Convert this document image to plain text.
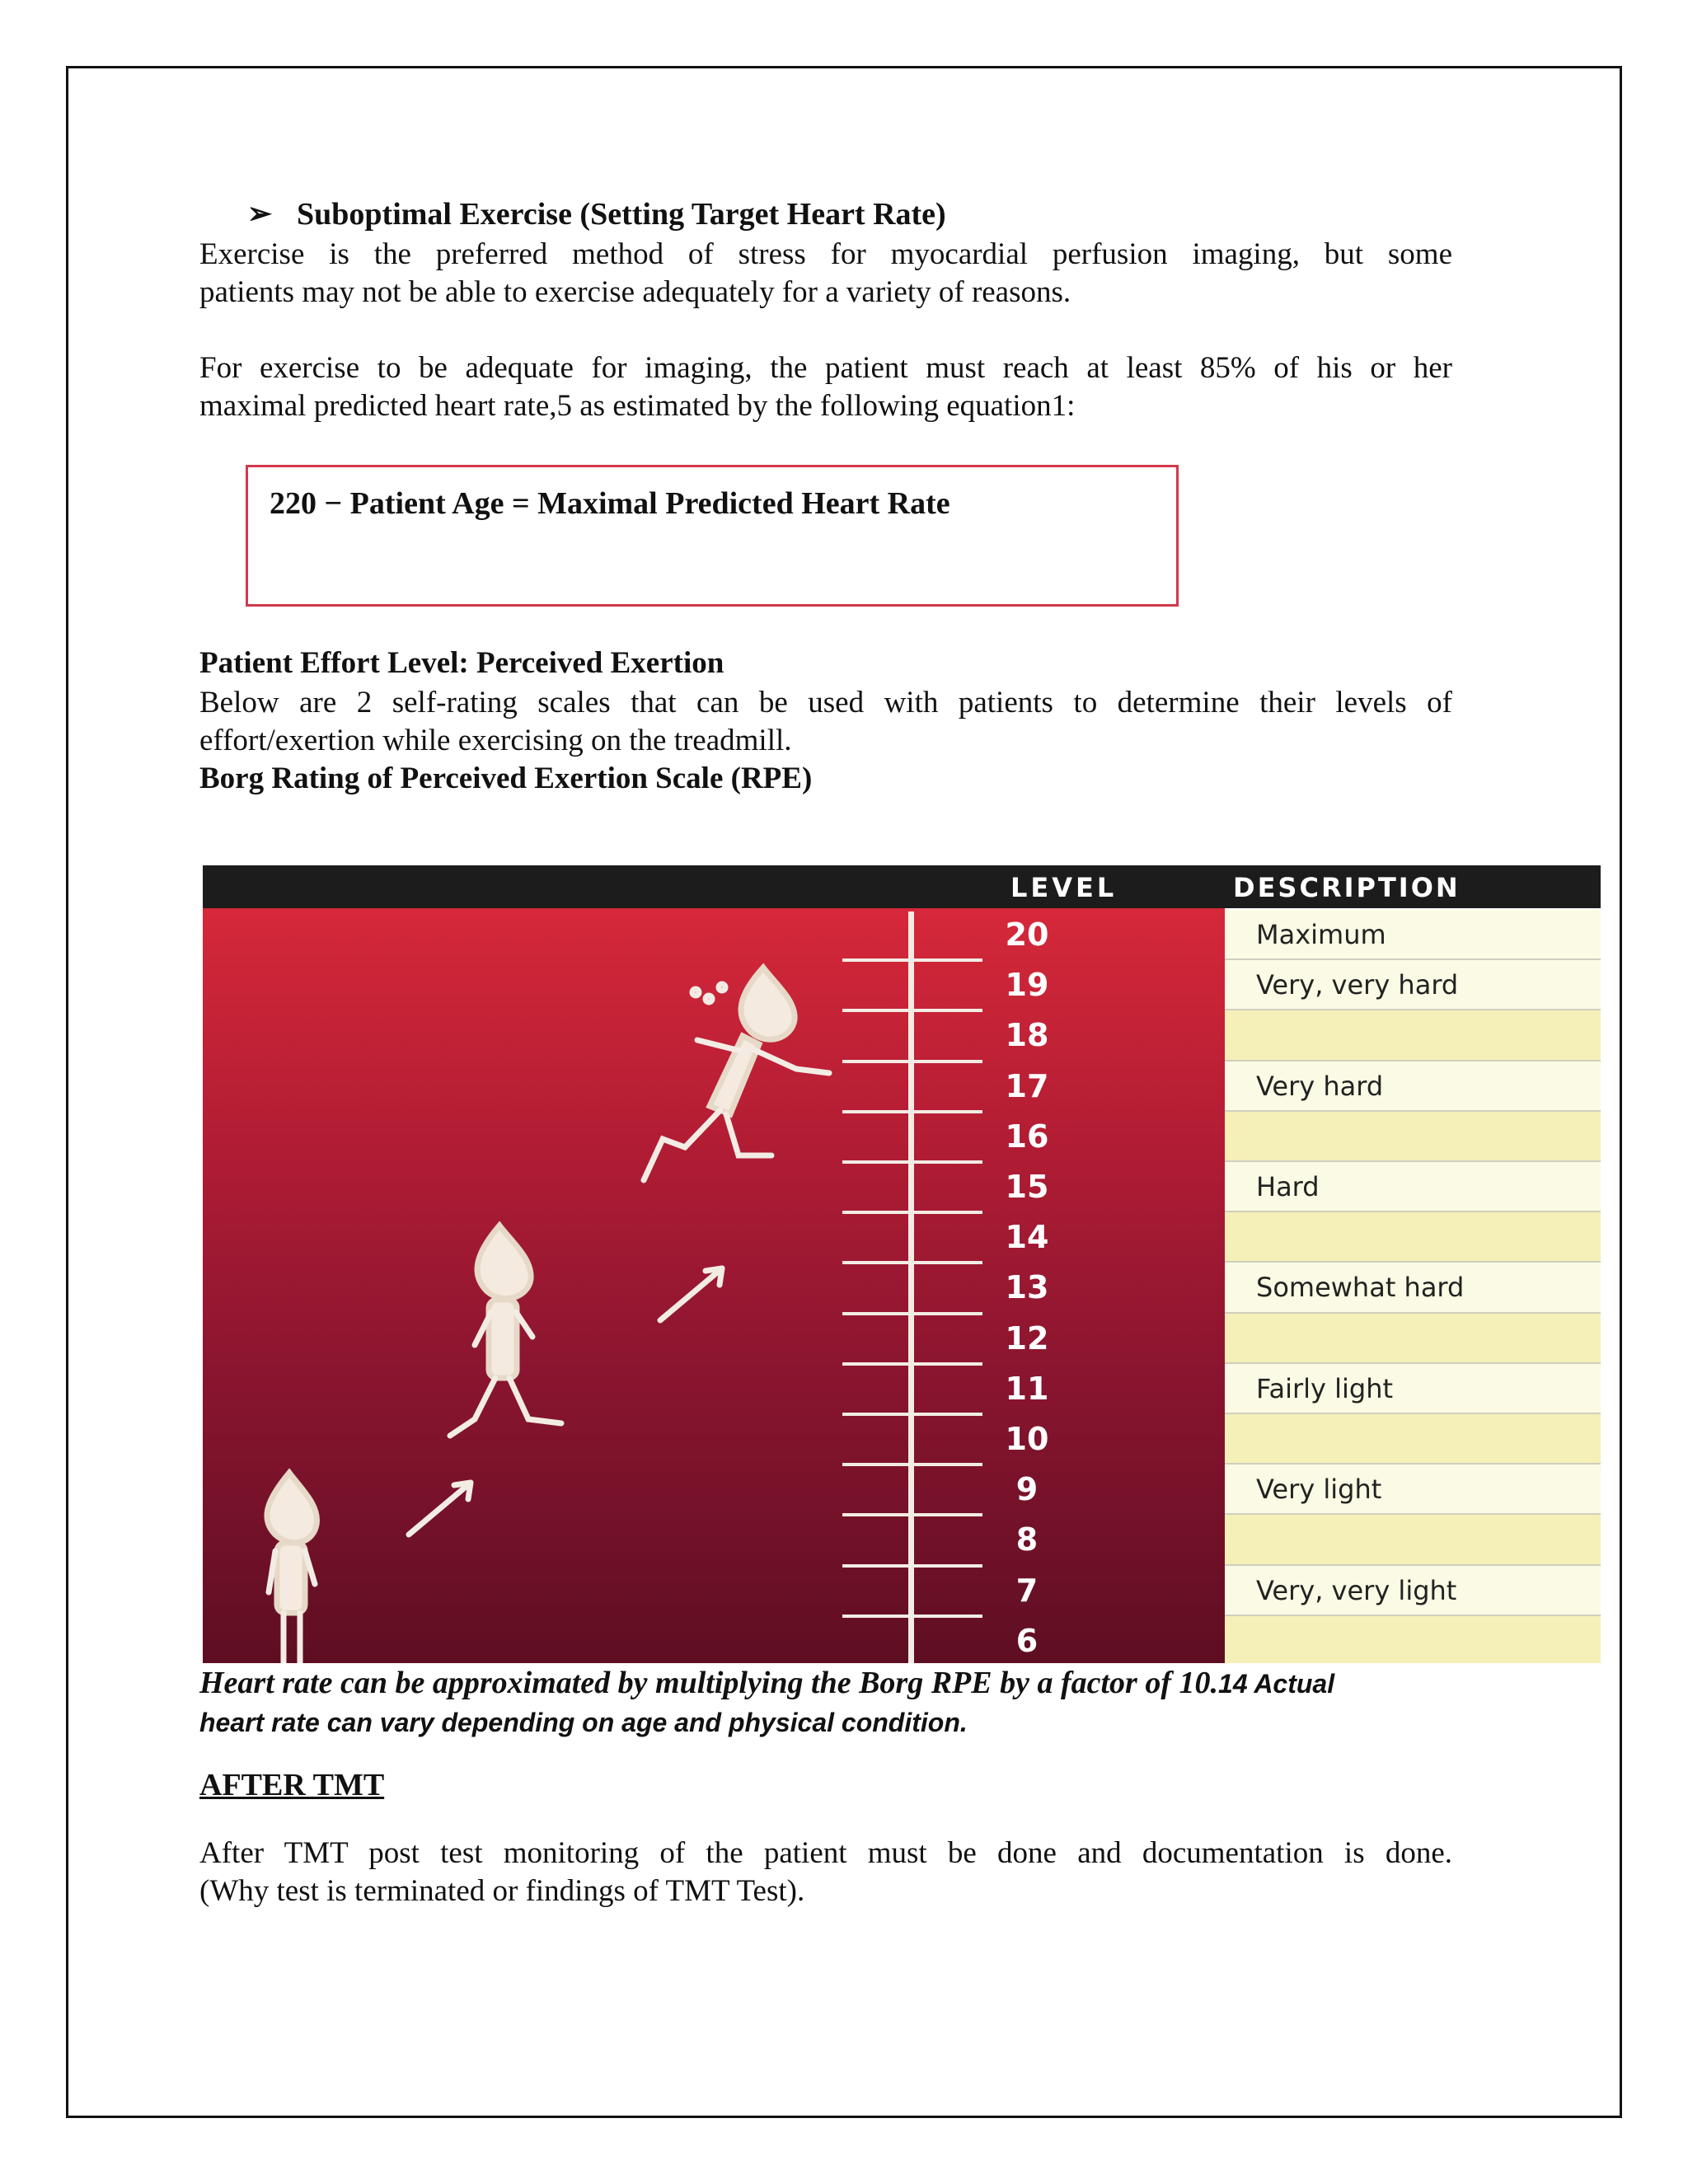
➢ Suboptimal Exercise (Setting Target Heart Rate)
Exercise is the preferred method of stress for myocardial perfusion imaging, but some
patients may not be able to exercise adequately for a variety of reasons.
For exercise to be adequate for imaging, the patient must reach at least 85% of his or her
maximal predicted heart rate,5 as estimated by the following equation1:
220 − Patient Age = Maximal Predicted Heart Rate
Patient Effort Level: Perceived Exertion
Below are 2 self-rating scales that can be used with patients to determine their levels of
effort/exertion while exercising on the treadmill.
Borg Rating of Perceived Exertion Scale (RPE)
LEVEL	DESCRIPTION
20	Maximum
19	Very, very hard
18
17	Very hard
16
15	Hard
14
13	Somewhat hard
12
11	Fairly light
10
9	Very light
8
7	Very, very light
6
Heart rate can be approximated by multiplying the Borg RPE by a factor of 10.14 Actual
heart rate can vary depending on age and physical condition.
AFTER TMT
After TMT post test monitoring of the patient must be done and documentation is done.
(Why test is terminated or findings of TMT Test).
